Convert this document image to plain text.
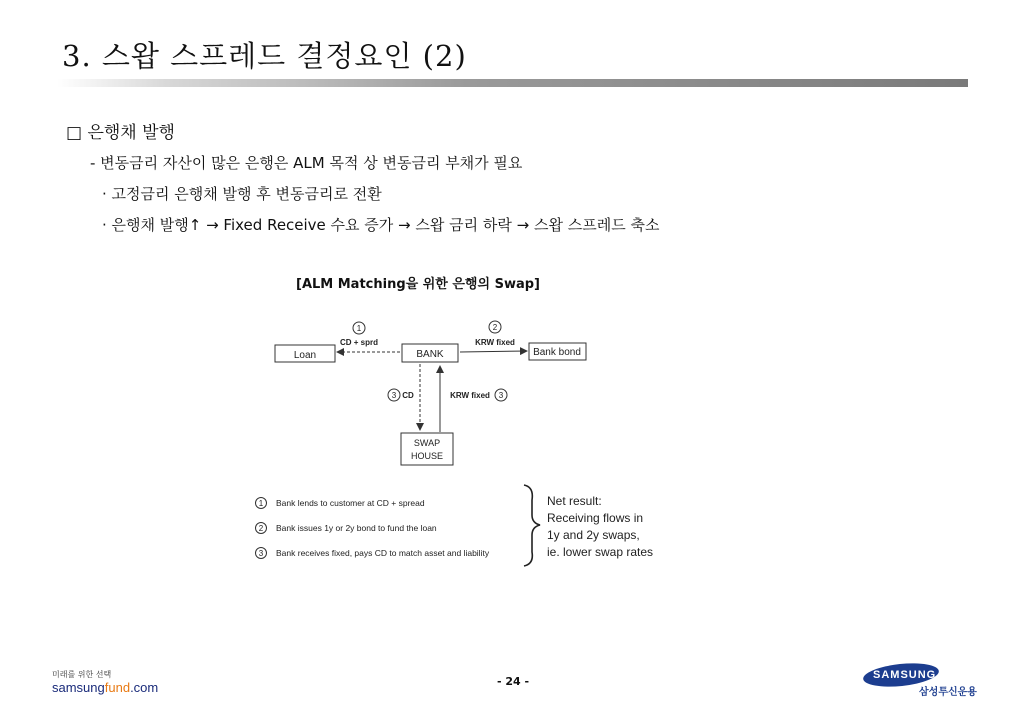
3. 스왑 스프레드 결정요인 (2)
□ 은행채 발행
- 변동금리 자산이 많은 은행은 ALM 목적 상 변동금리 부채가 필요
· 고정금리 은행채 발행 후 변동금리로 전환
· 은행채 발행↑ → Fixed Receive 수요 증가 → 스왑 금리 하락 → 스왑 스프레드 축소
[ALM Matching을 위한 은행의 Swap]
Loan	BANK	Bank bond
SWAP
HOUSE
1
CD + sprd
2
KRW fixed
3 CD	KRW fixed 3
1 Bank lends to customer at CD + spread
2 Bank issues 1y or 2y bond to fund the loan
3 Bank receives fixed, pays CD to match asset and liability
Net result:
Receiving flows in
1y and 2y swaps,
ie. lower swap rates
미래를 위한 선택
samsungfund.com	- 24 -	SAMSUNG
삼성투신운용
